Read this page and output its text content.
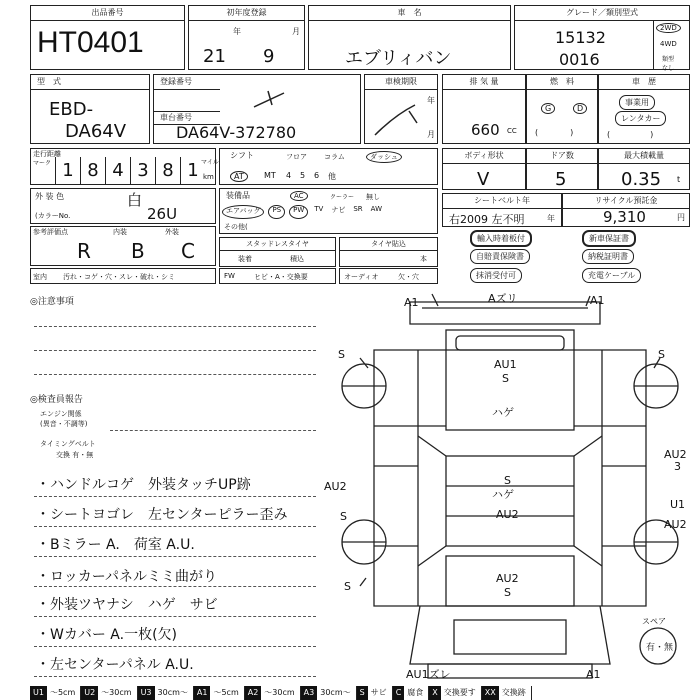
出品番号
HT0401
初年度登録
年	月
21 9
車　名
エブリィバン
グレード／類別型式
15132
0016
2WD
4WD
類型
なし
型　式
EBD-
DA64V
登録番号
車台番号
DA64V-372780
車検期限
年
月
排 気 量
660 CC
燃　料
G	D
(　　　　)
車　歴
事業用
レンタカー
(　　　　　)
走行距離
マーク 1 8 4 3 8 1 マイル
km
シフト	フロア コラム	ダッシュ
AT	MT 4 5 6 他
ボディ形状
V
ドア数
5
最大積載量
0.35 t
外 装 色	白
(カラーNo.	26U
装備品	AC	クーラー 無し
エアバッグ	PS	PW	TV ナビ SR AW
その他(
シートベルト年
右2009 左不明	年
リサイクル預託金
9,310	円
参考評価点	内装	外装
R B C	スタッドレスタイヤ
装着	積込
タイヤ貼込
本
室内 汚れ・コゲ・穴・スレ・破れ・シミ	FW	ヒビ・A・交換要	オーディオ	欠・穴
輸入時着板付	新車保証書
自賠責保険書	納税証明書
抹消受付可	充電ケーブル
◎注意事項
◎検査員報告
エンジン関係
(異音・不調等)
タイミングベルト
交換 有・無
・ハンドルコゲ　外装タッチUP跡
・シートヨゴレ　左センターピラー歪み
・Bミラー A.　荷室 A.U.
・ロッカーパネルミミ曲がり
・外装ツヤナシ　ハゲ　サビ
・Wカバー A.一枚(欠)
・左センターパネル A.U.
Aズリ
A1	A1
AU1
S
ハゲ
S
ハゲ
AU2
AU2
S
AU2
3
U1
AU2
AU2
S
S	S
S
AU1ズレ	A1
スペア
有・無
U1 ～5cm	U2 ～30cm	U3 30cm～	A1 ～5cm	A2 ～30cm	A3 30cm～	S サビ	C 腐食	X 交換要す	XX 交換跡
